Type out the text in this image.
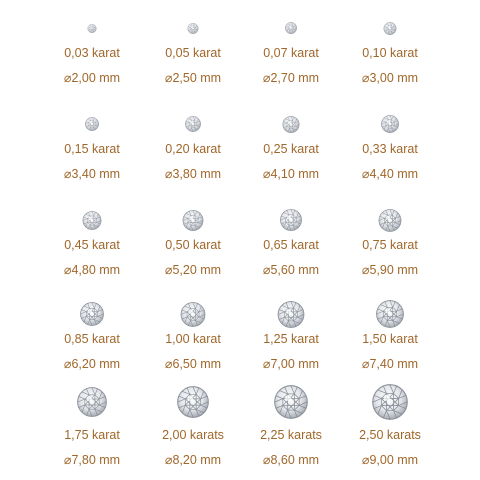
0,03 karat
⌀2,00 mm
0,05 karat
⌀2,50 mm
0,07 karat
⌀2,70 mm
0,10 karat
⌀3,00 mm
0,15 karat
⌀3,40 mm
0,20 karat
⌀3,80 mm
0,25 karat
⌀4,10 mm
0,33 karat
⌀4,40 mm
0,45 karat
⌀4,80 mm
0,50 karat
⌀5,20 mm
0,65 karat
⌀5,60 mm
0,75 karat
⌀5,90 mm
0,85 karat
⌀6,20 mm
1,00 karat
⌀6,50 mm
1,25 karat
⌀7,00 mm
1,50 karat
⌀7,40 mm
1,75 karat
⌀7,80 mm
2,00 karats
⌀8,20 mm
2,25 karats
⌀8,60 mm
2,50 karats
⌀9,00 mm
